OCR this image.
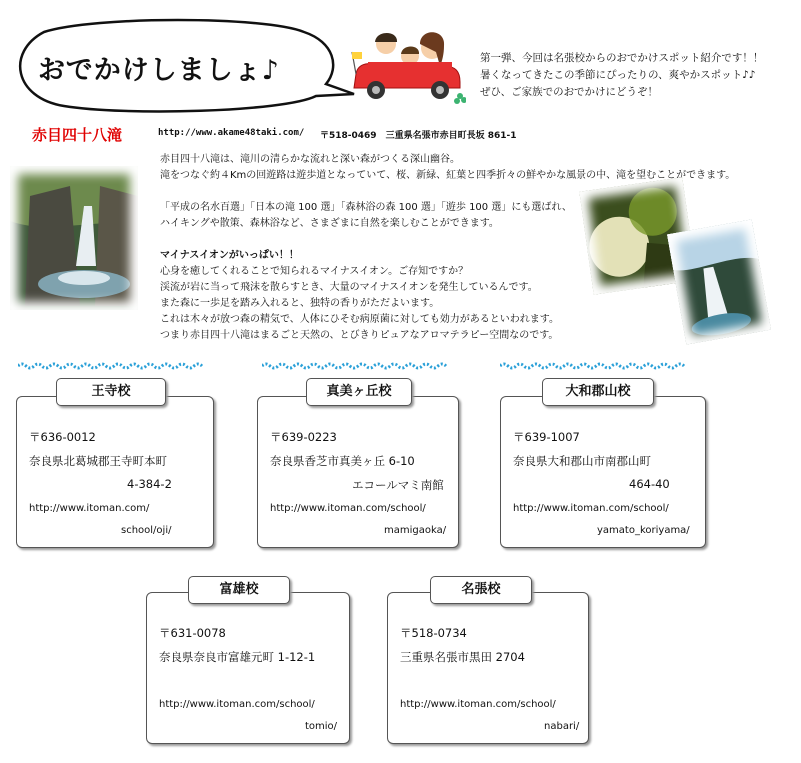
おでかけしましょ♪	第一弾、今回は名張校からのおでかけスポット紹介です！！
暑くなってきたこの季節にぴったりの、爽やかスポット♪♪
ぜひ、ご家族でのおでかけにどうぞ！
赤目四十八滝	http://www.akame48taki.com/ 〒518-0469　三重県名張市赤目町長坂 861-1
赤目四十八滝は、滝川の清らかな流れと深い森がつくる深山幽谷。
滝をつなぐ約４Kmの回遊路は遊歩道となっていて、桜、新緑、紅葉と四季折々の鮮やかな風景の中、滝を望むことができます。
「平成の名水百選」「日本の滝 100 選」「森林浴の森 100 選」「遊歩 100 選」にも選ばれ、
ハイキングや散策、森林浴など、さまざまに自然を楽しむことができます。
マイナスイオンがいっぱい！！
心身を癒してくれることで知られるマイナスイオン。ご存知ですか？
渓流が岩に当って飛沫を散らすとき、大量のマイナスイオンを発生しているんです。
また森に一歩足を踏み入れると、独特の香りがただよいます。
これは木々が放つ森の精気で、人体にひそむ病原菌に対しても効力があるといわれます。
つまり赤目四十八滝はまるごと天然の、とびきりピュアなアロマテラピー空間なのです。
〒636-0012
奈良県北葛城郡王寺町本町
4-384-2
http://www.itoman.com/
school/oji/
王寺校
〒639-0223
奈良県香芝市真美ヶ丘 6-10
エコールマミ南館
http://www.itoman.com/school/
mamigaoka/
真美ヶ丘校
〒639-1007
奈良県大和郡山市南郡山町
464-40
http://www.itoman.com/school/
yamato_koriyama/
大和郡山校
〒631-0078
奈良県奈良市富雄元町 1-12-1
http://www.itoman.com/school/
tomio/
富雄校
〒518-0734
三重県名張市黒田 2704
http://www.itoman.com/school/
nabari/
名張校
